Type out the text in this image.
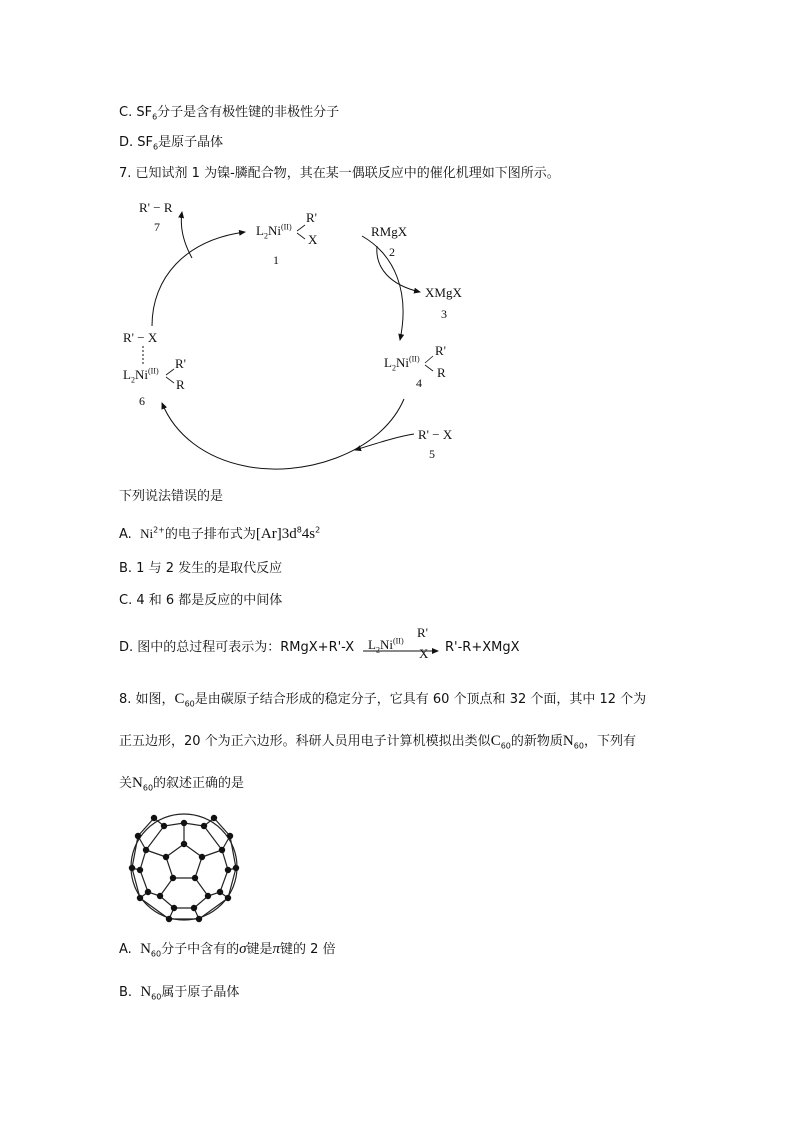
C. $SF_6$分子是含有极性键的非极性分子
D. $SF_6$是原子晶体
7. 已知试剂 1 为镍-膦配合物，其在某一偶联反应中的催化机理如下图所示。
$L_2Ni^{(II)}$
R'
X
1
RMgX
2
XMgX
3
$L_2Ni^{(II)}$
R'
R
4
R' − X
5
R' − X
$L_2Ni^{(II)}$
R'
R
6
R' − R
7
下列说法错误的是
A. $Ni^{2+}$的电子排布式为$[Ar]3d^84s^2$
B. 1 与 2 发生的是取代反应
C. 4 和 6 都是反应的中间体
D. 图中的总过程可表示为：RMgX+R'-X $L_2Ni^{(II)}$
R'
X R'-R+XMgX
8. 如图，$C_{60}$是由碳原子结合形成的稳定分子，它具有 60 个顶点和 32 个面，其中 12 个为
正五边形，20 个为正六边形。科研人员用电子计算机模拟出类似$C_{60}$的新物质$N_{60}$，下列有
关$N_{60}$的叙述正确的是
A. $N_{60}$分子中含有的σ键是π键的 2 倍
B. $N_{60}$属于原子晶体
